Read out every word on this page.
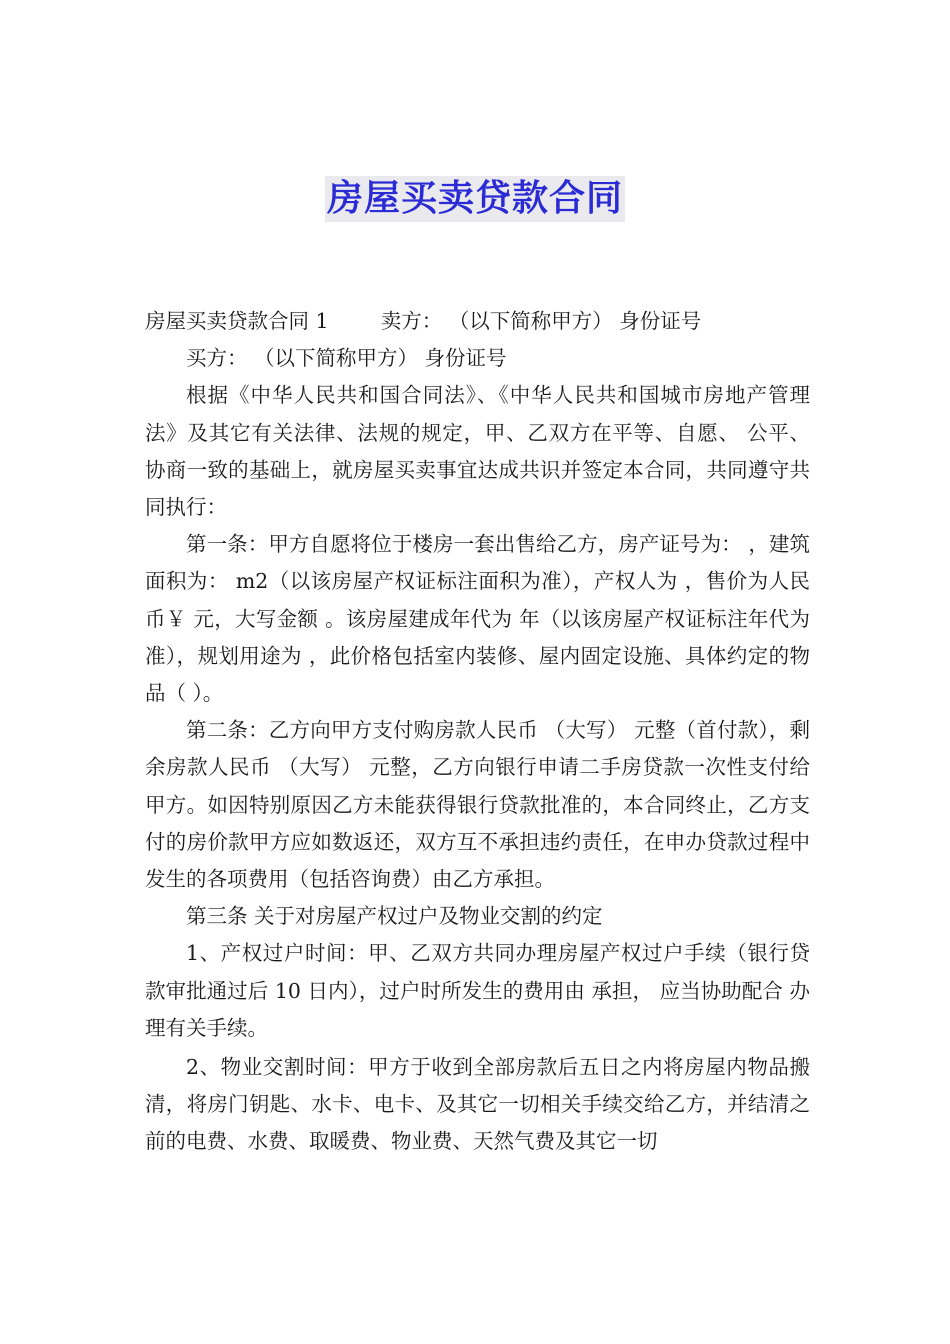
房屋买卖贷款合同

房屋买卖贷款合同 1        卖方： （以下简称甲方） 身份证号

买方： （以下简称甲方） 身份证号

根据《中华人民共和国合同法》、《中华人民共和国城市房地产管理法》及其它有关法律、法规的规定，甲、乙双方在平等、自愿、 公平、 协商一致的基础上，就房屋买卖事宜达成共识并签定本合同，共同遵守共同执行：

第一条：甲方自愿将位于楼房一套出售给乙方，房产证号为： ，建筑面积为： m2（以该房屋产权证标注面积为准），产权人为 ，售价为人民币￥ 元，大写金额 。该房屋建成年代为 年（以该房屋产权证标注年代为准），规划用途为 ，此价格包括室内装修、屋内固定设施、具体约定的物品（ ）。

第二条：乙方向甲方支付购房款人民币 （大写） 元整（首付款），剩余房款人民币 （大写） 元整，乙方向银行申请二手房贷款一次性支付给甲方。如因特别原因乙方未能获得银行贷款批准的，本合同终止，乙方支付的房价款甲方应如数返还，双方互不承担违约责任，在申办贷款过程中发生的各项费用（包括咨询费）由乙方承担。

第三条 关于对房屋产权过户及物业交割的约定

1、产权过户时间：甲、乙双方共同办理房屋产权过户手续（银行贷款审批通过后 10 日内），过户时所发生的费用由 承担， 应当协助配合 办理有关手续。

2、物业交割时间：甲方于收到全部房款后五日之内将房屋内物品搬清，将房门钥匙、水卡、电卡、及其它一切相关手续交给乙方，并结清之前的电费、水费、取暖费、物业费、天然气费及其它一切
